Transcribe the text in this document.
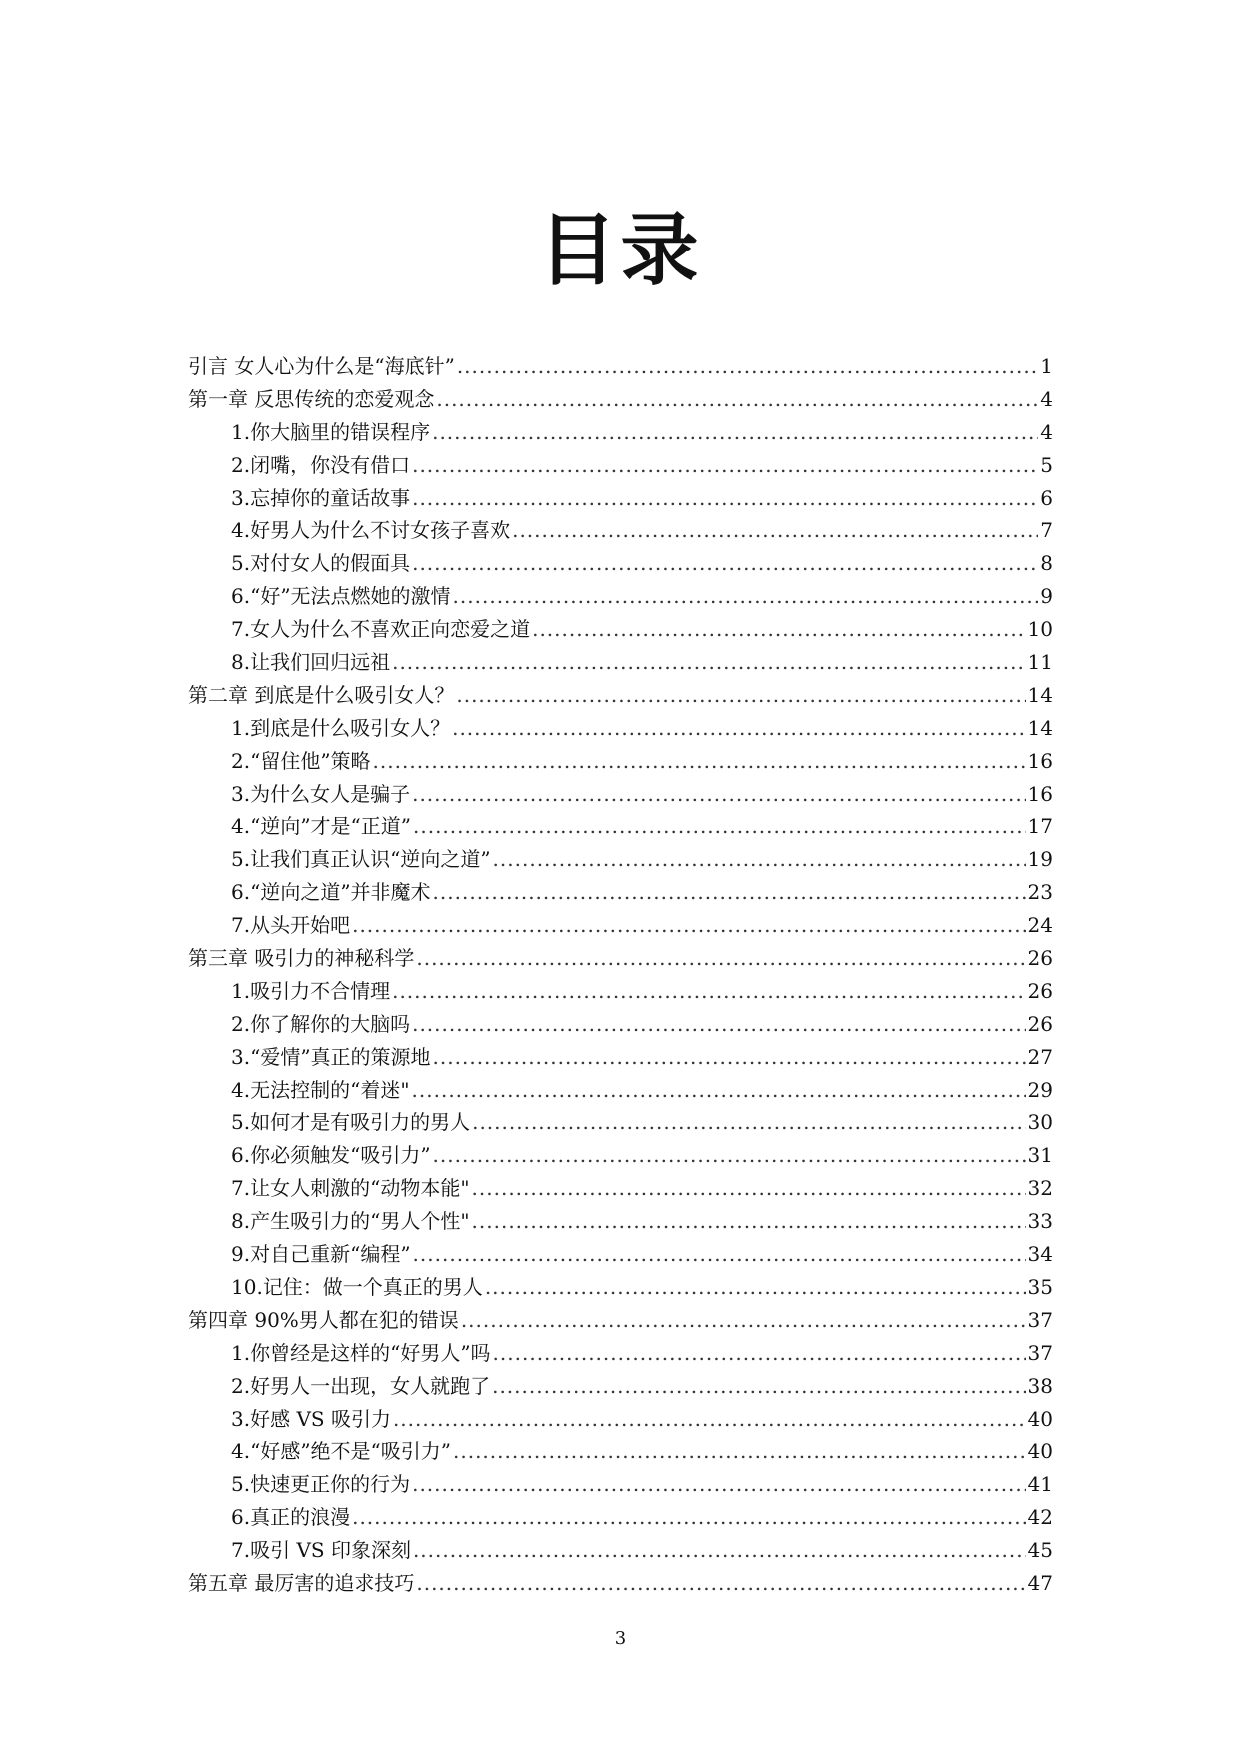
目录
引言 女人心为什么是“海底针” .....	1
第一章 反思传统的恋爱观念 .....	4
1. 你大脑里的错误程序 .....	4
2. 闭嘴，你没有借口 .....	5
3. 忘掉你的童话故事 .....	6
4. 好男人为什么不讨女孩子喜欢 .....	7
5. 对付女人的假面具 .....	8
6. “好”无法点燃她的激情 .....	9
7. 女人为什么不喜欢正向恋爱之道 .....	10
8. 让我们回归远祖 .....	11
第二章 到底是什么吸引女人？ .....	14
1. 到底是什么吸引女人？ .....	14
2. “留住他”策略 .....	16
3. 为什么女人是骗子 .....	16
4. “逆向”才是“正道” .....	17
5. 让我们真正认识“逆向之道” .....	19
6. “逆向之道”并非魔术 .....	23
7. 从头开始吧 .....	24
第三章 吸引力的神秘科学 .....	26
1. 吸引力不合情理 .....	26
2. 你了解你的大脑吗 .....	26
3. “爱情”真正的策源地 .....	27
4. 无法控制的“着迷" .....	29
5. 如何才是有吸引力的男人 .....	30
6. 你必须触发“吸引力” .....	31
7. 让女人刺激的“动物本能" .....	32
8. 产生吸引力的“男人个性" .....	33
9. 对自己重新“编程” .....	34
10. 记住：做一个真正的男人 .....	35
第四章 90%男人都在犯的错误 .....	37
1. 你曾经是这样的“好男人”吗 .....	37
2. 好男人一出现，女人就跑了 .....	38
3. 好感 VS 吸引力 .....	40
4. “好感”绝不是“吸引力” .....	40
5. 快速更正你的行为 .....	41
6. 真正的浪漫 .....	42
7. 吸引 VS 印象深刻 .....	45
第五章 最厉害的追求技巧 .....	47
3
